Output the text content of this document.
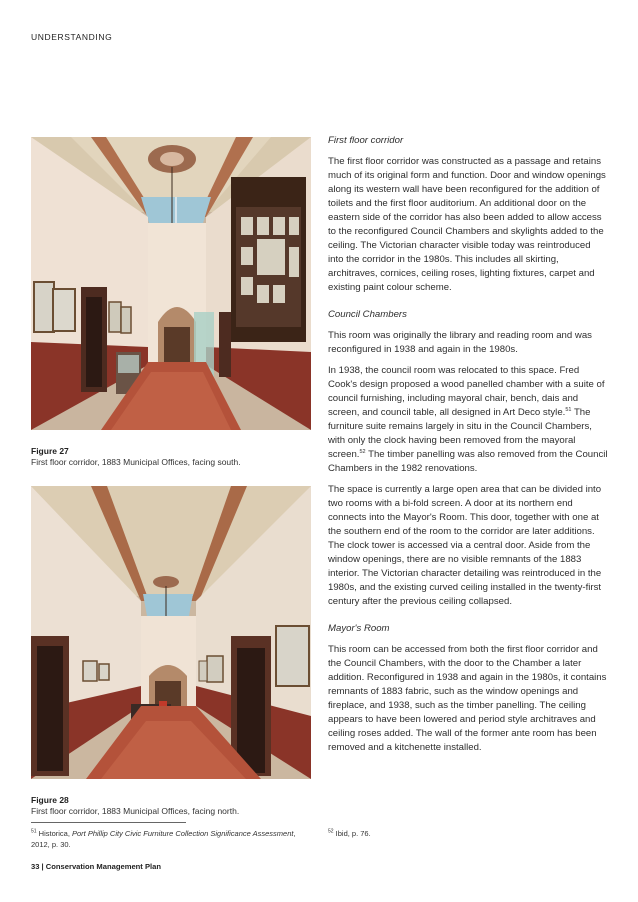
UNDERSTANDING
Figure 27
First floor corridor, 1883 Municipal Offices, facing south.
Figure 28
First floor corridor, 1883 Municipal Offices, facing north.
First floor corridor

The first floor corridor was constructed as a passage and retains much of its original form and function. Door and window openings along its western wall have been reconfigured for the addition of toilets and the first floor auditorium. An additional door on the eastern side of the corridor has also been added to allow access to the reconfigured Council Chambers and skylights added to the ceiling. The Victorian character visible today was reintroduced into the corridor in the 1980s. This includes all skirting, architraves, cornices, ceiling roses, lighting fixtures, carpet and existing paint colour scheme.

Council Chambers

This room was originally the library and reading room and was reconfigured in 1938 and again in the 1980s.

In 1938, the council room was relocated to this space. Fred Cook's design proposed a wood panelled chamber with a suite of council furnishing, including mayoral chair, bench, dais and screen, and council table, all designed in Art Deco style.$^{51}$ The furniture suite remains largely in situ in the Council Chambers, with only the clock having been removed from the mayoral screen.$^{52}$ The timber panelling was also removed from the Council Chambers in the 1982 renovations.

The space is currently a large open area that can be divided into two rooms with a bi-fold screen. A door at its northern end connects into the Mayor's Room. This door, together with one at the southern end of the room to the corridor are later additions. The clock tower is accessed via a central door. Aside from the window openings, there are no visible remnants of the 1883 interior. The Victorian character detailing was reintroduced in the 1980s, and the existing curved ceiling installed in the twenty-first century after the previous ceiling collapsed.

Mayor's Room

This room can be accessed from both the first floor corridor and the Council Chambers, with the door to the Chamber a later addition. Reconfigured in 1938 and again in the 1980s, it contains remnants of 1883 fabric, such as the window openings and fireplace, and 1938, such as the timber panelling. The ceiling appears to have been lowered and period style architraves and ceiling roses added. The wall of the former ante room has been removed and a kitchenette installed.

$^{51}$ Historica, Port Phillip City Civic Furniture Collection Significance Assessment, 2012, p. 30.
$^{52}$ Ibid, p. 76.
33 | Conservation Management Plan
